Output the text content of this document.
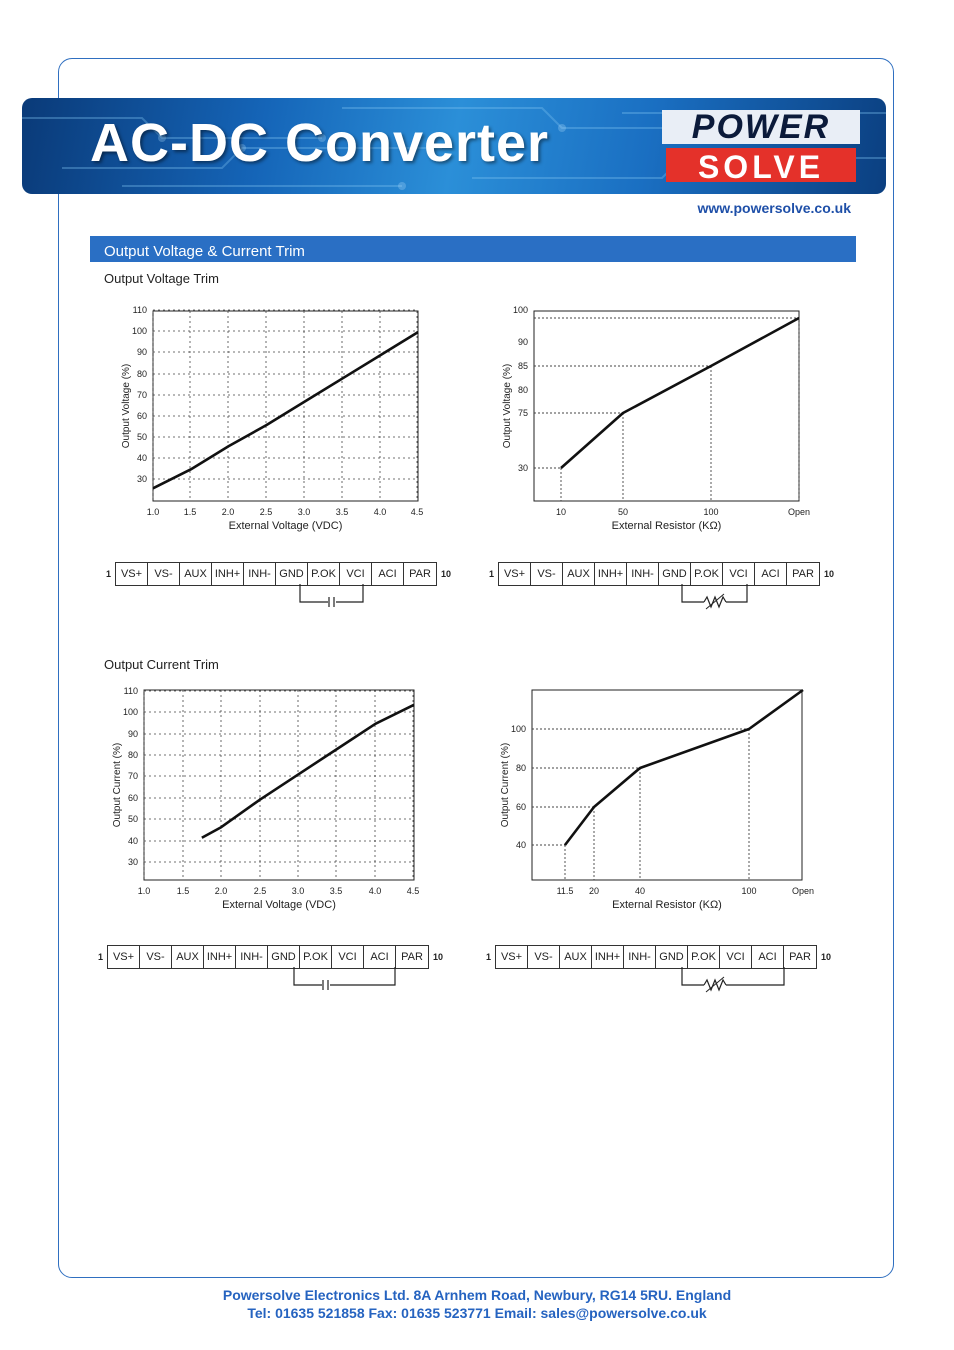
AC-DC Converter	POWER
SOLVE
www.powersolve.co.uk
Output Voltage & Current Trim
Output Voltage Trim
Output Current Trim
110
100
90
80
70
60
50
40
30
1.0	1.5	2.0	2.5	3.0	3.5	4.0	4.5
External Voltage (VDC)
Output Voltage (%)
100
90
85
80
75
30
10	50	100	Open
External Resistor (KΩ)
Output Voltage (%)
110
100
90
80
70
60
50
40
30
1.0	1.5	2.0	2.5	3.0	3.5	4.0	4.5
External Voltage (VDC)
Output Current (%)
100
80
60
40
11.5 20	40	100	Open
External Resistor (KΩ)
Output Current (%)
1 VS+	VS-	AUX INH+ INH- GND P.OK VCI	ACI	PAR	10	1 VS+	VS-	AUX INH+ INH- GND P.OK VCI	ACI	PAR	10
1 VS+	VS-	AUX INH+ INH- GND P.OK VCI	ACI	PAR	10	1 VS+	VS-	AUX INH+ INH- GND P.OK VCI	ACI	PAR	10
Powersolve Electronics Ltd. 8A Arnhem Road, Newbury, RG14 5RU. England
Tel: 01635 521858 Fax: 01635 523771 Email: sales@powersolve.co.uk
